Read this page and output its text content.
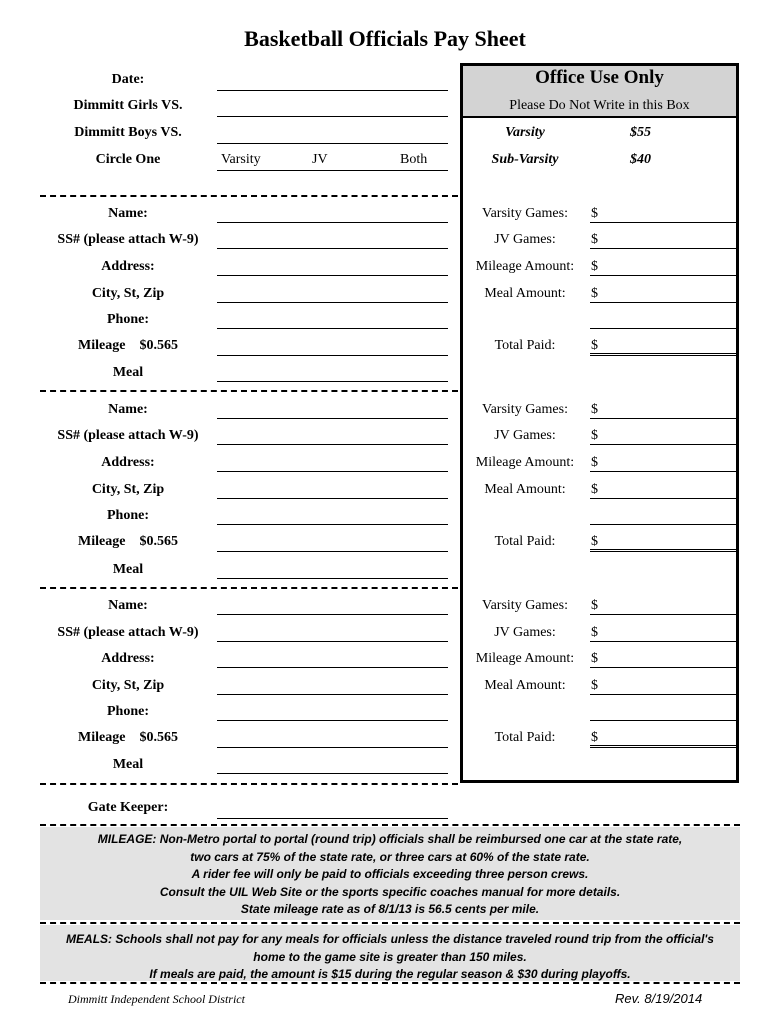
Basketball Officials Pay Sheet
Date:
Dimmitt Girls VS.
Dimmitt Boys VS.
Circle One	Varsity	JV	Both
Office Use Only
Please Do Not Write in this Box
Varsity	$55
Sub-Varsity	$40
Name:
SS# (please attach W-9)
Address:
City, St, Zip
Phone:
Mileage    $0.565
Meal
Varsity Games:	$
JV Games:	$
Mileage Amount:	$
Meal Amount:	$
Total Paid:	$
Name:
SS# (please attach W-9)
Address:
City, St, Zip
Phone:
Mileage    $0.565
Meal
Varsity Games:	$
JV Games:	$
Mileage Amount:	$
Meal Amount:	$
Total Paid:	$
Name:
SS# (please attach W-9)
Address:
City, St, Zip
Phone:
Mileage    $0.565
Meal
Varsity Games:	$
JV Games:	$
Mileage Amount:	$
Meal Amount:	$
Total Paid:	$
Gate Keeper:
MILEAGE: Non-Metro portal to portal (round trip) officials shall be reimbursed one car at the state rate,
two cars at 75% of the state rate, or three cars at 60% of the state rate.
A rider fee will only be paid to officials exceeding three person crews.
Consult the UIL Web Site or the sports specific coaches manual for more details.
State mileage rate as of 8/1/13 is 56.5 cents per mile.
MEALS: Schools shall not pay for any meals for officials unless the distance traveled round trip from the official's
home to the game site is greater than 150 miles.
If meals are paid, the amount is $15 during the regular season & $30 during playoffs.
Dimmitt Independent School District	Rev. 8/19/2014
